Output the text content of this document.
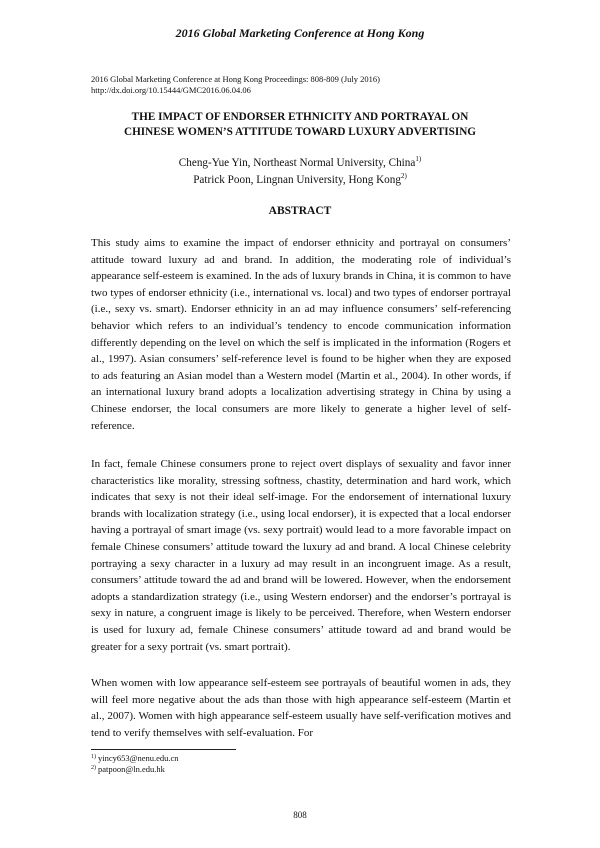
2016 Global Marketing Conference at Hong Kong
2016 Global Marketing Conference at Hong Kong Proceedings: 808-809 (July 2016)
http://dx.doi.org/10.15444/GMC2016.06.04.06
THE IMPACT OF ENDORSER ETHNICITY AND PORTRAYAL ON
CHINESE WOMEN’S ATTITUDE TOWARD LUXURY ADVERTISING
Cheng-Yue Yin, Northeast Normal University, China$^{1)}$
Patrick Poon, Lingnan University, Hong Kong$^{2)}$
ABSTRACT

This study aims to examine the impact of endorser ethnicity and portrayal on consumers’ attitude toward luxury ad and brand. In addition, the moderating role of individual’s appearance self-esteem is examined. In the ads of luxury brands in China, it is common to have two types of endorser ethnicity (i.e., international vs. local) and two types of endorser portrayal (i.e., sexy vs. smart). Endorser ethnicity in an ad may influence consumers’ self-referencing behavior which refers to an individual’s tendency to encode communication information differently depending on the level on which the self is implicated in the information (Rogers et al., 1997). Asian consumers’ self-reference level is found to be higher when they are exposed to ads featuring an Asian model than a Western model (Martin et al., 2004). In other words, if an international luxury brand adopts a localization advertising strategy in China by using a Chinese endorser, the local consumers are more likely to generate a higher level of self-reference.

In fact, female Chinese consumers prone to reject overt displays of sexuality and favor inner characteristics like morality, stressing softness, chastity, determination and hard work, which indicates that sexy is not their ideal self-image. For the endorsement of international luxury brands with localization strategy (i.e., using local endorser), it is expected that a local endorser having a portrayal of smart image (vs. sexy portrait) would lead to a more favorable impact on female Chinese consumers’ attitude toward the luxury ad and brand. A local Chinese celebrity portraying a sexy character in a luxury ad may result in an incongruent image. As a result, consumers’ attitude toward the ad and brand will be lowered. However, when the endorsement adopts a standardization strategy (i.e., using Western endorser) and the endorser’s portrayal is sexy in nature, a congruent image is likely to be perceived. Therefore, when Western endorser is used for luxury ad, female Chinese consumers’ attitude toward ad and brand would be greater for a sexy portrait (vs. smart portrait).

When women with low appearance self-esteem see portrayals of beautiful women in ads, they will feel more negative about the ads than those with high appearance self-esteem (Martin et al., 2007). Women with high appearance self-esteem usually have self-verification motives and tend to verify themselves with self-evaluation. For

$^{1)}$ yincy653@nenu.edu.cn
$^{2)}$ patpoon@ln.edu.hk
808
